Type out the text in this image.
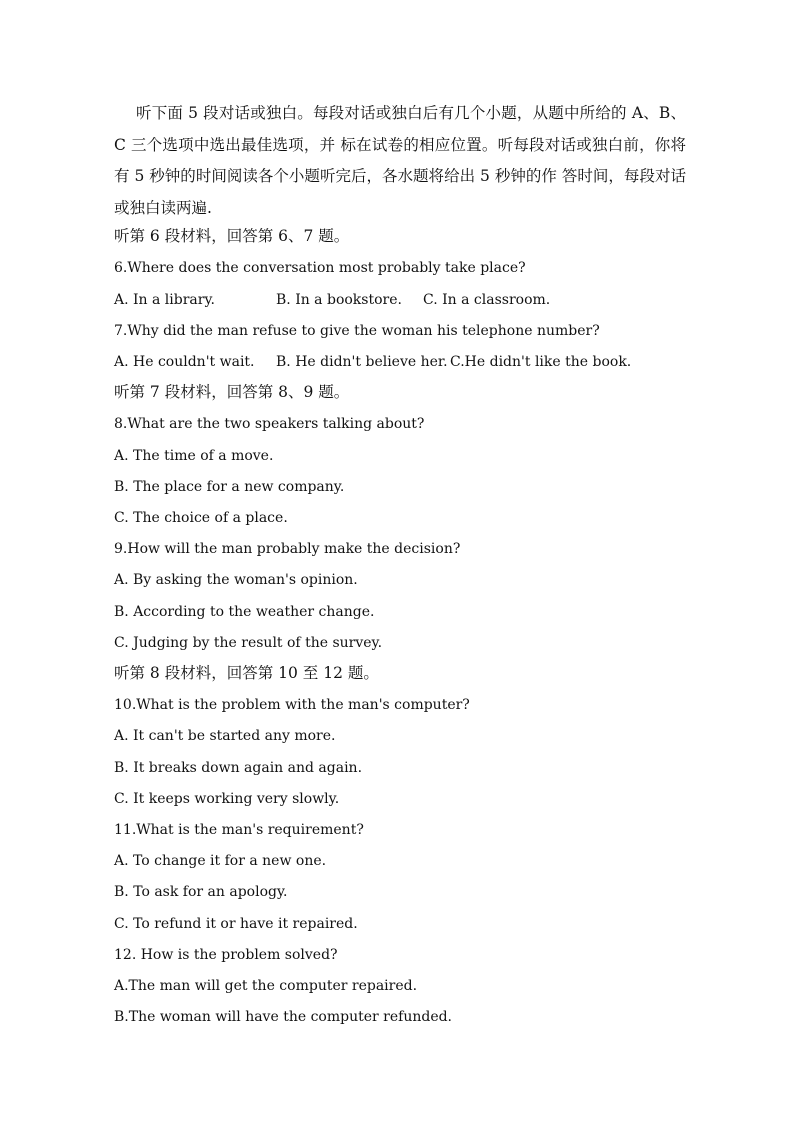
听下面 5 段对话或独白。每段对话或独白后有几个小题，从题中所给的 A、B、C 三个选项中选出最佳选项，并 标在试卷的相应位置。听每段对话或独白前，你将有 5 秒钟的时间阅读各个小题听完后，各水题将给出 5 秒钟的作 答时间，每段对话或独白读两遍.
听第 6 段材料，回答第 6、7 题。
6.Where does the conversation most probably take place?
A. In a library.	B. In a bookstore. C. In a classroom.
7.Why did the man refuse to give the woman his telephone number?
A. He couldn't wait. B. He didn't believe her. C.He didn't like the book.
听第 7 段材料，回答第 8、9 题。
8.What are the two speakers talking about?
A. The time of a move.
B. The place for a new company.
C. The choice of a place.
9.How will the man probably make the decision?
A. By asking the woman's opinion.
B. According to the weather change.
C. Judging by the result of the survey.
听第 8 段材料，回答第 10 至 12 题。
10.What is the problem with the man's computer?
A. It can't be started any more.
B. It breaks down again and again.
C. It keeps working very slowly.
11.What is the man's requirement?
A. To change it for a new one.
B. To ask for an apology.
C. To refund it or have it repaired.
12. How is the problem solved?
A.The man will get the computer repaired.
B.The woman will have the computer refunded.
